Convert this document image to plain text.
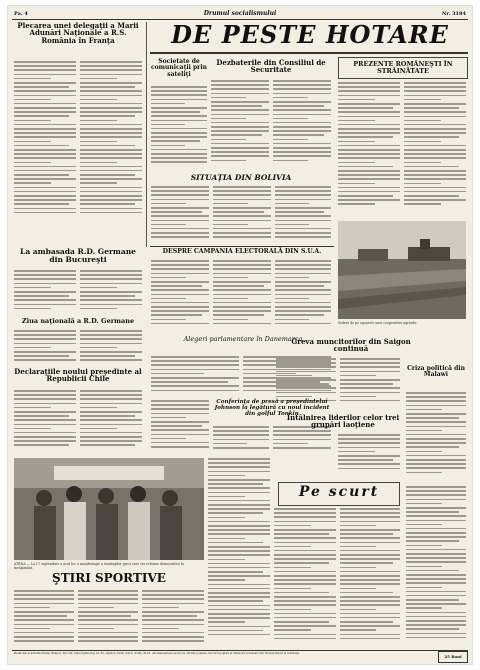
Pa. 4	Drumul socialismului	Nr. 3184
Plecarea unei delegaţii a Marii Adunări Naţionale a R.S. România în Franţa	DE PESTE HOTARE
Societate de comunicaţii prin sateliţi
Dezbaterile din Consiliul de Securitate
PREZENTE ROMÂNEŞTI ÎN STRĂINĂTATE
SITUAŢIA DIN BOLIVIA
Vedere de pe ogoarele unei cooperative agricole.
La ambasada R.D. Germane din Bucureşti
DESPRE CAMPANIA ELECTORALĂ DIN S.U.A.
Ziua naţională a R.D. Germane
Alegeri parlamentare în Danemarca
Greva muncitorilor din Saigon continuă
Declaraţiile noului preşedinte al Republicii Chile
Conferinţa de presă a preşedintelui Johnson la legătură cu noul incident din golful Tonkin
Întâlnirea liderilor celor trei grupări laoţiene
Criza politică din Malawi
ATENA — La 17 septembrie a avut loc o manifestaţie a studenţilor greci care cer reforme democratice în învăţământ.
Pe scurt
ŞTIRI SPORTIVE
Redacţia şi administraţia: Braşov, Str. Gh. Gheorghiu-Dej nr. 35, telefon 1030, 2412, 3100, 3101. Abonamentele se fac la oficiile poştale, factorii poştali şi difuzorii voluntari din întreprinderi şi instituţii.
25 Bani
